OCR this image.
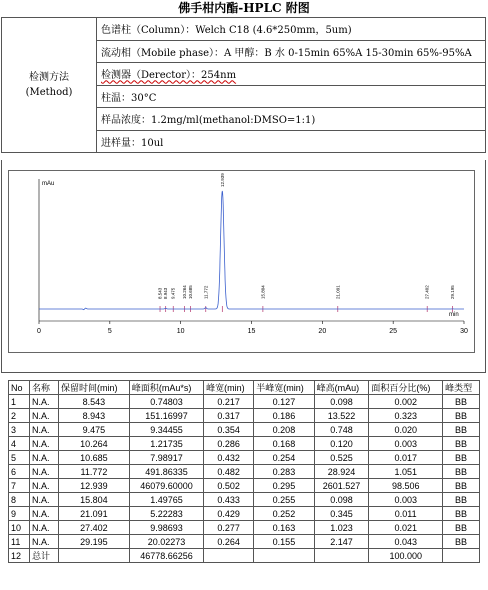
佛手柑内酯-HPLC 附图
检测方法
(Method)	色谱柱（Column）：Welch C18 (4.6*250mm，5um)
流动相（Mobile phase）：A 甲醇：B 水 0-15min 65%A 15-30min 65%-95%A
检测器（Derector）：254nm
柱温：30°C
样品浓度：1.2mg/ml(methanol:DMSO=1:1)
进样量：10ul
mAu
min
0	5	10	15	20	25	30
8.543 8.943 9.475 10.264 10.685 11.772
12.939
15.804	21.091	27.402	29.195
No	名称	保留时间(min)	峰面积(mAu*s)	峰宽(min)	半峰宽(min)	峰高(mAu)	面积百分比(%)	峰类型
1	N.A.	8.543	0.74803	0.217	0.127	0.098	0.002	BB
2	N.A.	8.943	151.16997	0.317	0.186	13.522	0.323	BB
3	N.A.	9.475	9.34455	0.354	0.208	0.748	0.020	BB
4	N.A.	10.264	1.21735	0.286	0.168	0.120	0.003	BB
5	N.A.	10.685	7.98917	0.432	0.254	0.525	0.017	BB
6	N.A.	11.772	491.86335	0.482	0.283	28.924	1.051	BB
7	N.A.	12.939	46079.60000	0.502	0.295	2601.527	98.506	BB
8	N.A.	15.804	1.49765	0.433	0.255	0.098	0.003	BB
9	N.A.	21.091	5.22283	0.429	0.252	0.345	0.011	BB
10	N.A.	27.402	9.98693	0.277	0.163	1.023	0.021	BB
11	N.A.	29.195	20.02273	0.264	0.155	2.147	0.043	BB
12	总计		46778.66256				100.000	
